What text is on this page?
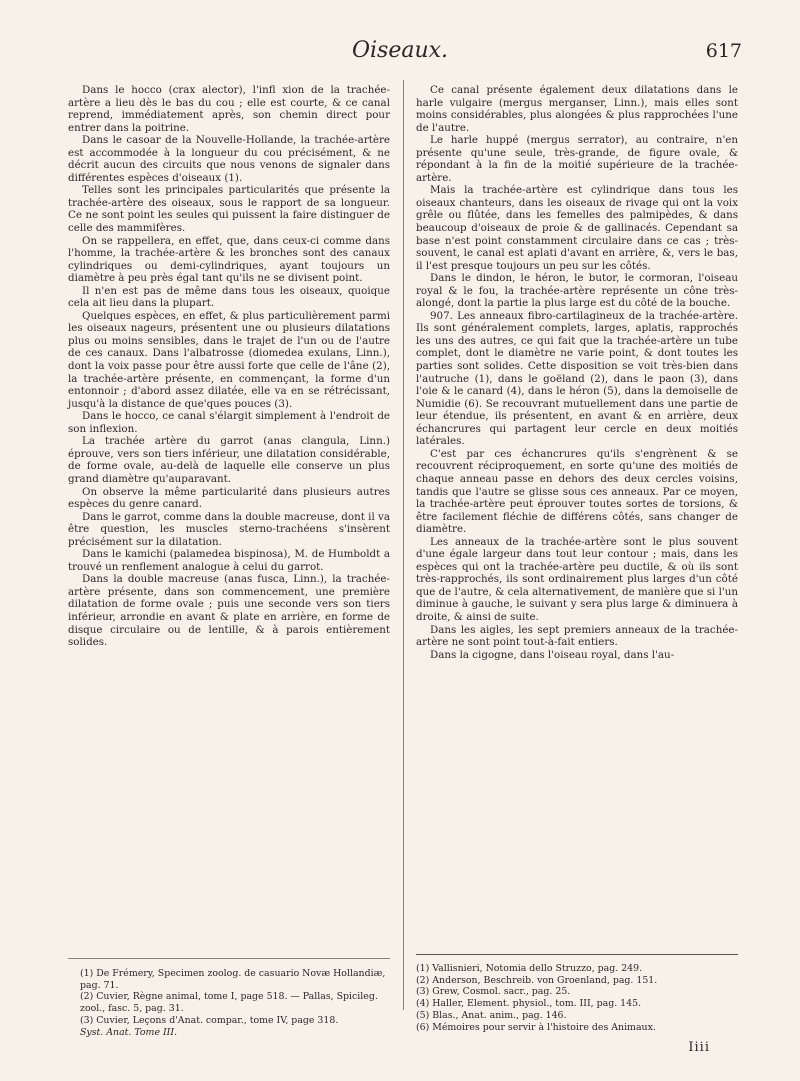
Oiseaux.	617

Dans le hocco (crax alector), l'infl xion de la trachée-artère a lieu dès le bas du cou ; elle est courte, & ce canal reprend, immédiatement après, son chemin direct pour entrer dans la poitrine.

Dans le casoar de la Nouvelle-Hollande, la trachée-artère est accommodée à la longueur du cou précisément, & ne décrit aucun des circuits que nous venons de signaler dans différentes espèces d'oiseaux (1).

Telles sont les principales particularités que présente la trachée-artère des oiseaux, sous le rapport de sa longueur. Ce ne sont point les seules qui puissent la faire distinguer de celle des mammifères.

On se rappellera, en effet, que, dans ceux-ci comme dans l'homme, la trachée-artère & les bronches sont des canaux cylindriques ou demi-cylindriques, ayant toujours un diamètre à peu près égal tant qu'ils ne se divisent point.

Il n'en est pas de même dans tous les oiseaux, quoique cela ait lieu dans la plupart.

Quelques espèces, en effet, & plus particulièrement parmi les oiseaux nageurs, présentent une ou plusieurs dilatations plus ou moins sensibles, dans le trajet de l'un ou de l'autre de ces canaux. Dans l'albatrosse (diomedea exulans, Linn.), dont la voix passe pour être aussi forte que celle de l'âne (2), la trachée-artère présente, en commençant, la forme d'un entonnoir ; d'abord assez dilatée, elle va en se rétrécissant, jusqu'à la distance de que'ques pouces (3).

Dans le hocco, ce canal s'élargit simplement à l'endroit de son inflexion.

La trachée artère du garrot (anas clangula, Linn.) éprouve, vers son tiers inférieur, une dilatation considérable, de forme ovale, au-delà de laquelle elle conserve un plus grand diamètre qu'auparavant.

On observe la même particularité dans plusieurs autres espèces du genre canard.

Dans le garrot, comme dans la double macreuse, dont il va être question, les muscles sterno-trachéens s'insèrent précisément sur la dilatation.

Dans le kamichi (palamedea bispinosa), M. de Humboldt a trouvé un renflement analogue à celui du garrot.

Dans la double macreuse (anas fusca, Linn.), la trachée-artère présente, dans son commencement, une première dilatation de forme ovale ; puis une seconde vers son tiers inférieur, arrondie en avant & plate en arrière, en forme de disque circulaire ou de lentille, & à parois entièrement solides.

Ce canal présente également deux dilatations dans le harle vulgaire (mergus merganser, Linn.), mais elles sont moins considérables, plus alongées & plus rapprochées l'une de l'autre.

Le harle huppé (mergus serrator), au contraire, n'en présente qu'une seule, très-grande, de figure ovale, & répondant à la fin de la moitié supérieure de la trachée-artère.

Mais la trachée-artère est cylindrique dans tous les oiseaux chanteurs, dans les oiseaux de rivage qui ont la voix grêle ou flûtée, dans les femelles des palmipèdes, & dans beaucoup d'oiseaux de proie & de gallinacés. Cependant sa base n'est point constamment circulaire dans ce cas ; très-souvent, le canal est aplati d'avant en arrière, &, vers le bas, il l'est presque toujours un peu sur les côtés.

Dans le dindon, le héron, le butor, le cormoran, l'oiseau royal & le fou, la trachée-artère représente un cône très-alongé, dont la partie la plus large est du côté de la bouche.

907. Les anneaux fibro-cartilagineux de la trachée-artère. Ils sont généralement complets, larges, aplatis, rapprochés les uns des autres, ce qui fait que la trachée-artère un tube complet, dont le diamètre ne varie point, & dont toutes les parties sont solides. Cette disposition se voit très-bien dans l'autruche (1), dans le goëland (2), dans le paon (3), dans l'oie & le canard (4), dans le héron (5), dans la demoiselle de Numidie (6). Se recouvrant mutuellement dans une partie de leur étendue, ils présentent, en avant & en arrière, deux échancrures qui partagent leur cercle en deux moitiés latérales.

C'est par ces échancrures qu'ils s'engrènent & se recouvrent réciproquement, en sorte qu'une des moitiés de chaque anneau passe en dehors des deux cercles voisins, tandis que l'autre se glisse sous ces anneaux. Par ce moyen, la trachée-artère peut éprouver toutes sortes de torsions, & être facilement fléchie de différens côtés, sans changer de diamètre.

Les anneaux de la trachée-artère sont le plus souvent d'une égale largeur dans tout leur contour ; mais, dans les espèces qui ont la trachée-artère peu ductile, & où ils sont très-rapprochés, ils sont ordinairement plus larges d'un côté que de l'autre, & cela alternativement, de manière que si l'un diminue à gauche, le suivant y sera plus large & diminuera à droite, & ainsi de suite.

Dans les aigles, les sept premiers anneaux de la trachée-artère ne sont point tout-à-fait entiers.

Dans la cigogne, dans l'oiseau royal, dans l'au-

(1) De Frémery, Specimen zoolog. de casuario Novæ Hollandiæ, pag. 71.

(2) Cuvier, Règne animal, tome I, page 518. — Pallas, Spicileg. zool., fasc. 5, pag. 31.

(3) Cuvier, Leçons d'Anat. compar., tome IV, page 318.

Syst. Anat. Tome III.

(1) Vallisnieri, Notomia dello Struzzo, pag. 249.

(2) Anderson, Beschreib. von Groenland, pag. 151.

(3) Grew, Cosmol. sacr., pag. 25.

(4) Haller, Element. physiol., tom. III, pag. 145.

(5) Blas., Anat. anim., pag. 146.

(6) Mémoires pour servir à l'histoire des Animaux.

Iiii
